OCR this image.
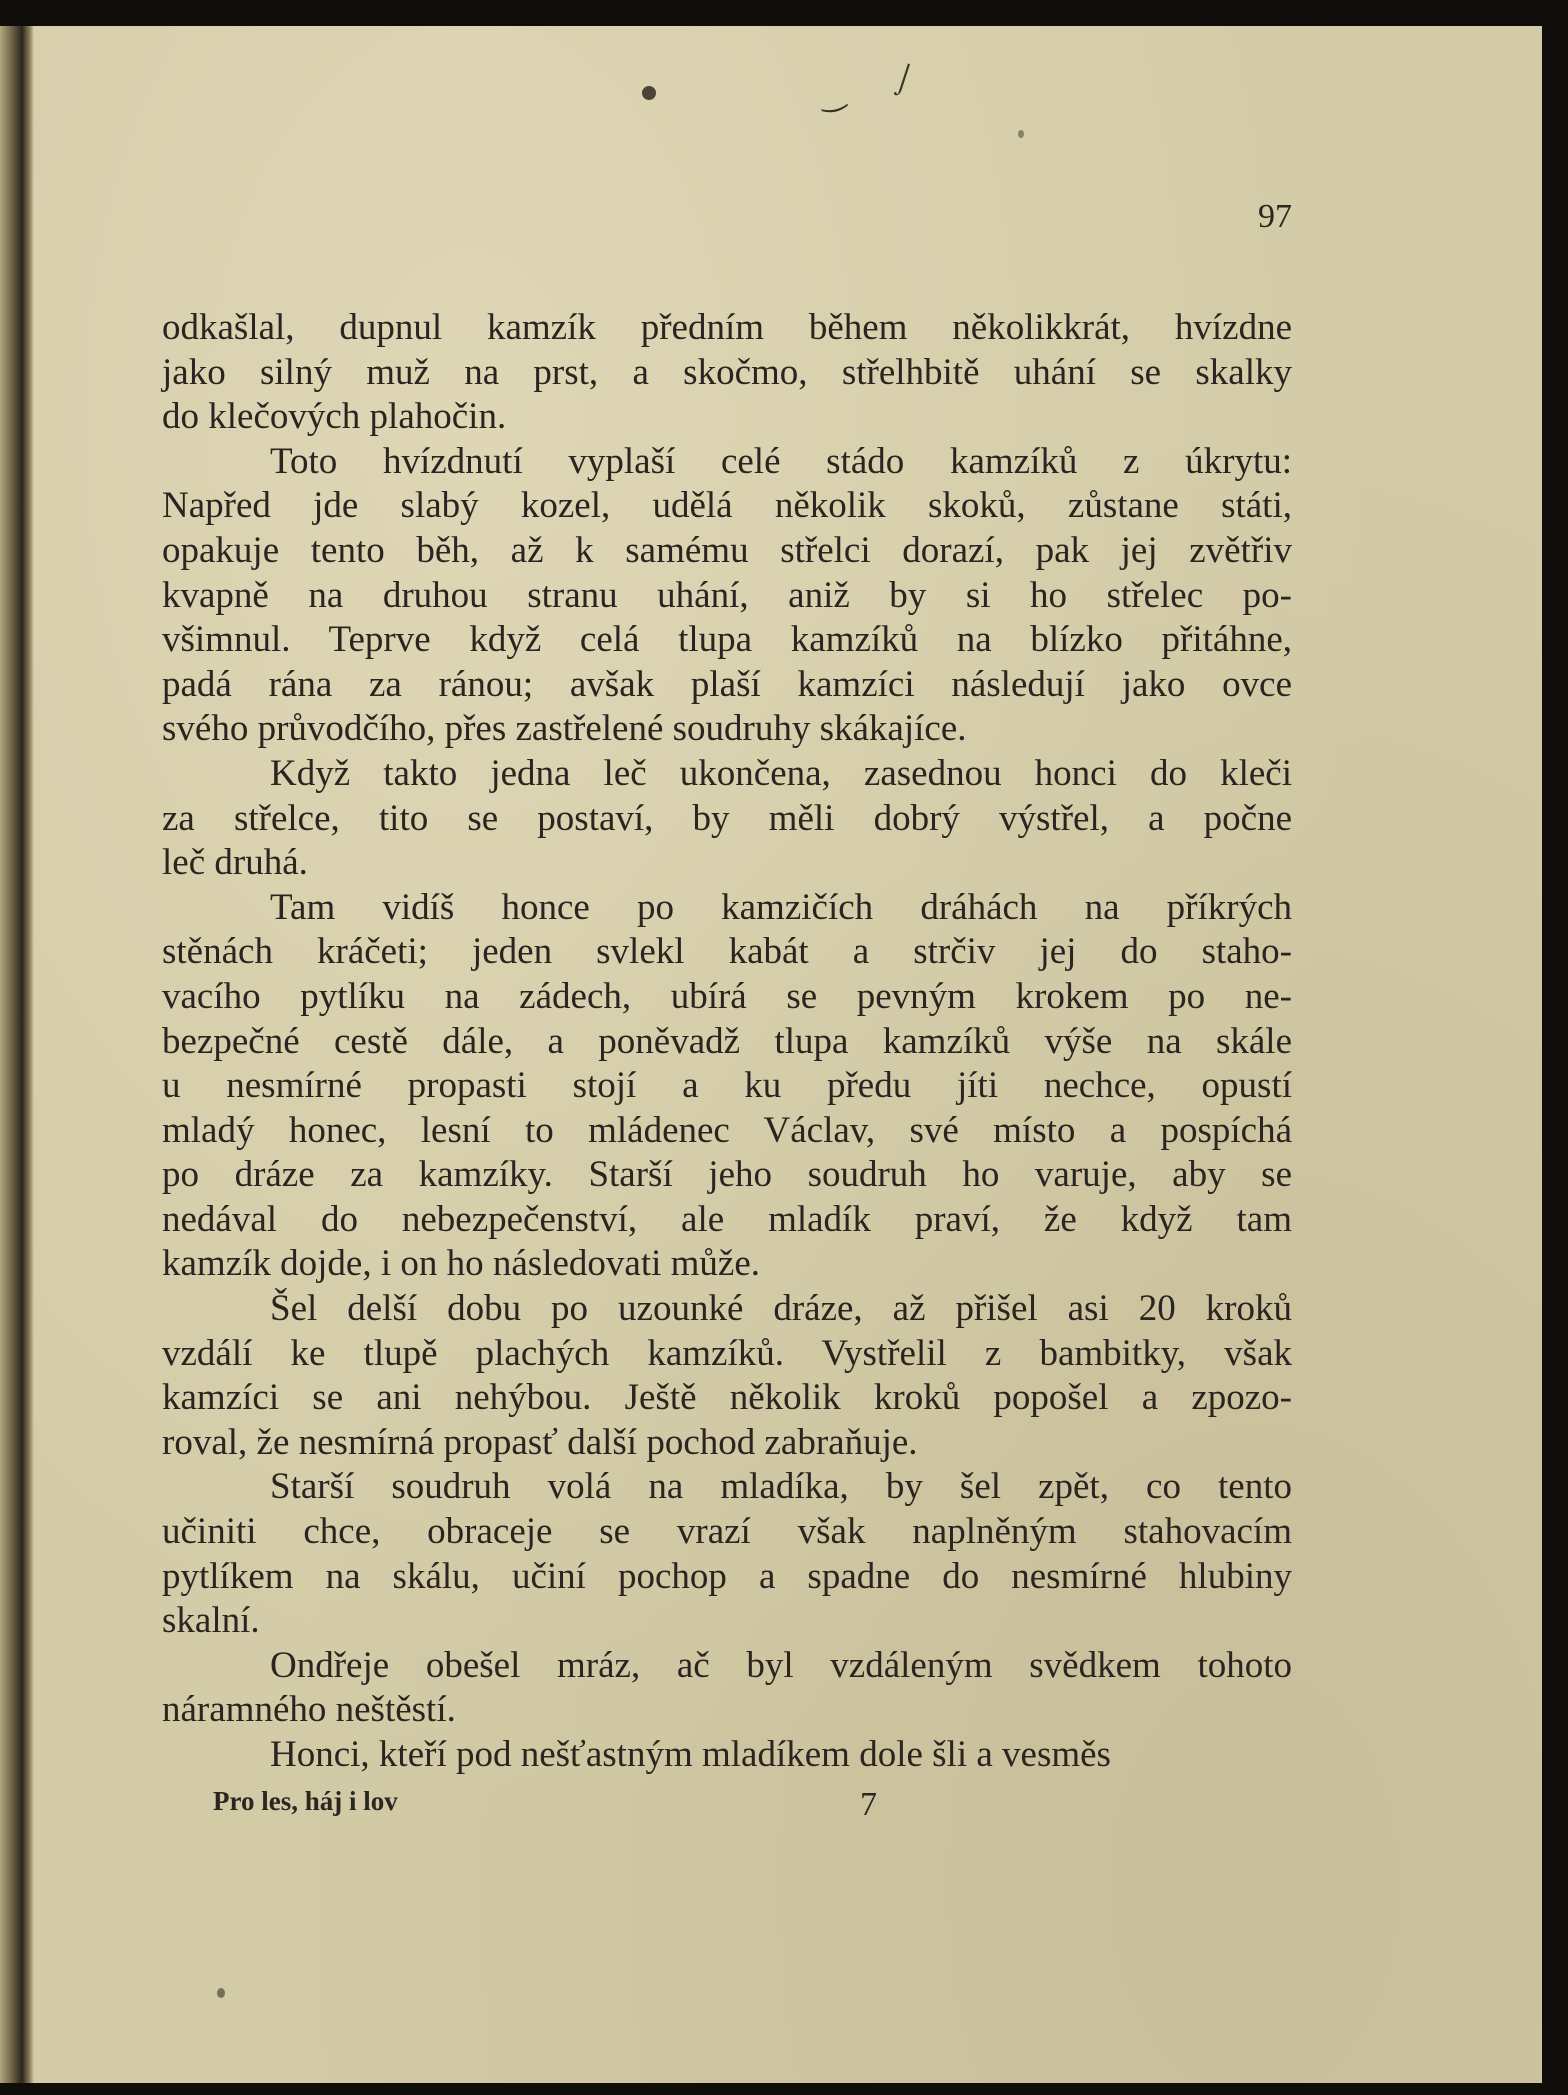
‿ ⌡
97
odkašlal, dupnul kamzík předním během několikkrát, hvízdne
jako silný muž na prst, a skočmo, střelhbitě uhání se skalky
do klečových plahočin.
Toto hvízdnutí vyplaší celé stádo kamzíků z úkrytu:
Napřed jde slabý kozel, udělá několik skoků, zůstane státi,
opakuje tento běh, až k samému střelci dorazí, pak jej zvětřiv
kvapně na druhou stranu uhání, aniž by si ho střelec po-
všimnul. Teprve když celá tlupa kamzíků na blízko přitáhne,
padá rána za ránou; avšak plaší kamzíci následují jako ovce
svého průvodčího, přes zastřelené soudruhy skákajíce.
Když takto jedna leč ukončena, zasednou honci do kleči
za střelce, tito se postaví, by měli dobrý výstřel, a počne
leč druhá.
Tam vidíš honce po kamzičích dráhách na příkrých
stěnách kráčeti; jeden svlekl kabát a strčiv jej do staho-
vacího pytlíku na zádech, ubírá se pevným krokem po ne-
bezpečné cestě dále, a poněvadž tlupa kamzíků výše na skále
u nesmírné propasti stojí a ku předu jíti nechce, opustí
mladý honec, lesní to mládenec Václav, své místo a pospíchá
po dráze za kamzíky. Starší jeho soudruh ho varuje, aby se
nedával do nebezpečenství, ale mladík praví, že když tam
kamzík dojde, i on ho následovati může.
Šel delší dobu po uzounké dráze, až přišel asi 20 kroků
vzdálí ke tlupě plachých kamzíků. Vystřelil z bambitky, však
kamzíci se ani nehýbou. Ještě několik kroků popošel a zpozo-
roval, že nesmírná propasť další pochod zabraňuje.
Starší soudruh volá na mladíka, by šel zpět, co tento
učiniti chce, obraceje se vrazí však naplněným stahovacím
pytlíkem na skálu, učiní pochop a spadne do nesmírné hlubiny
skalní.
Ondřeje obešel mráz, ač byl vzdáleným svědkem tohoto
náramného neštěstí.
Honci, kteří pod nešťastným mladíkem dole šli a vesměs
Pro les, háj i lov	7
